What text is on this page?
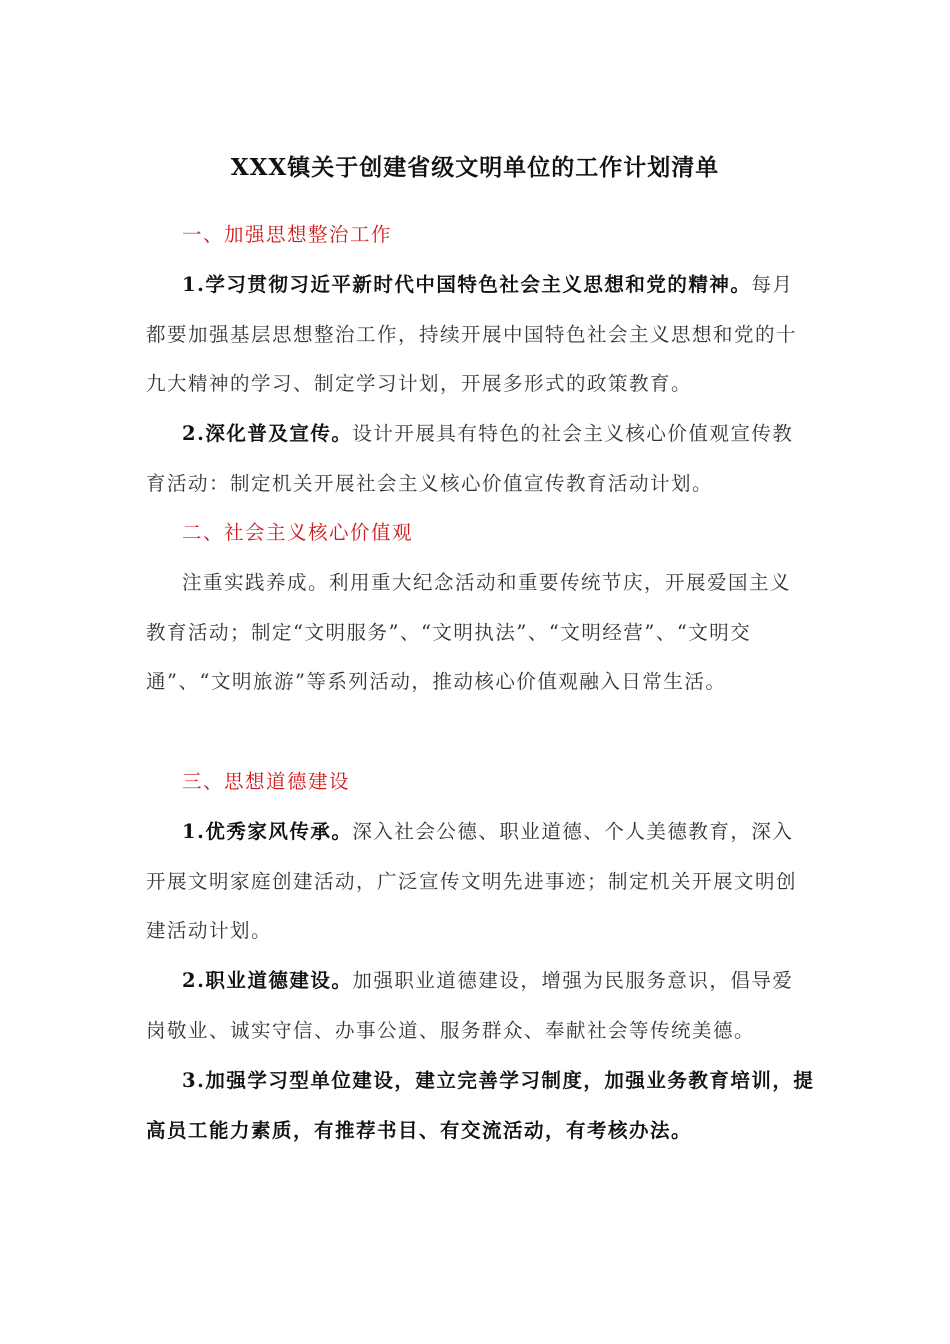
XXX镇关于创建省级文明单位的工作计划清单
一、加强思想整治工作
1.学习贯彻习近平新时代中国特色社会主义思想和党的精神。每月都要加强基层思想整治工作，持续开展中国特色社会主义思想和党的十九大精神的学习、制定学习计划，开展多形式的政策教育。
2.深化普及宣传。设计开展具有特色的社会主义核心价值观宣传教育活动：制定机关开展社会主义核心价值宣传教育活动计划。
二、社会主义核心价值观
注重实践养成。利用重大纪念活动和重要传统节庆，开展爱国主义教育活动；制定“文明服务”、“文明执法”、“文明经营”、“文明交通”、“文明旅游”等系列活动，推动核心价值观融入日常生活。
三、思想道德建设
1.优秀家风传承。深入社会公德、职业道德、个人美德教育，深入开展文明家庭创建活动，广泛宣传文明先进事迹；制定机关开展文明创建活动计划。
2.职业道德建设。加强职业道德建设，增强为民服务意识，倡导爱岗敬业、诚实守信、办事公道、服务群众、奉献社会等传统美德。
3.加强学习型单位建设，建立完善学习制度，加强业务教育培训，提高员工能力素质，有推荐书目、有交流活动，有考核办法。
